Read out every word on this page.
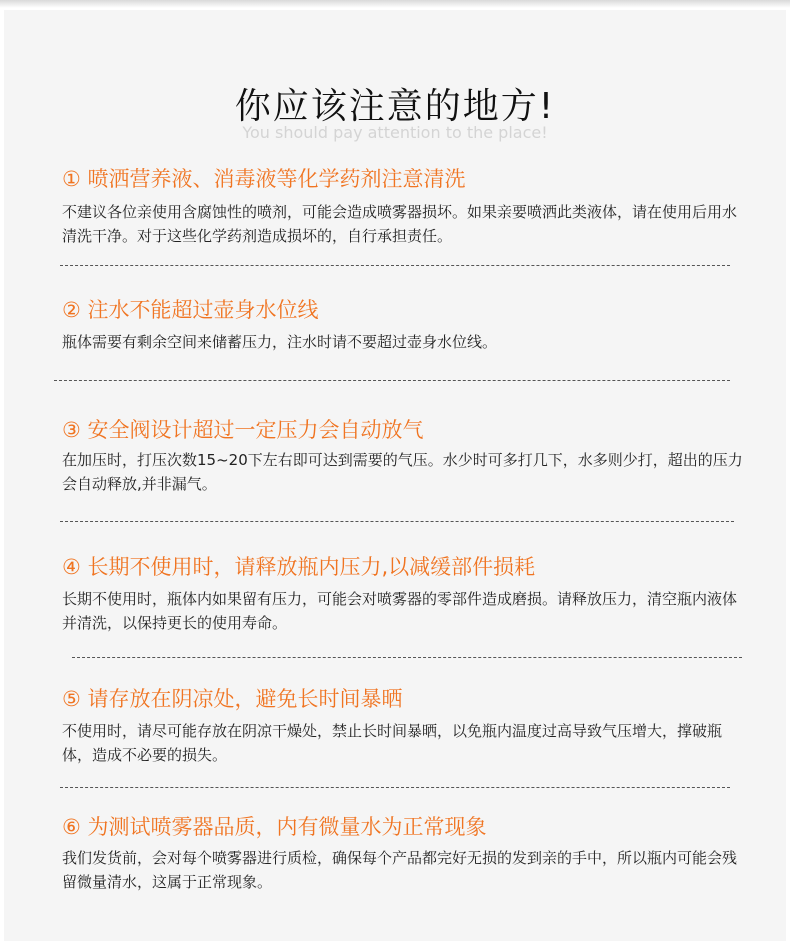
你应该注意的地方!
You should pay attention to the place!
① 喷洒营养液、消毒液等化学药剂注意清洗
不建议各位亲使用含腐蚀性的喷剂，可能会造成喷雾器损坏。如果亲要喷洒此类液体，请在使用后用水清洗干净。对于这些化学药剂造成损坏的，自行承担责任。
② 注水不能超过壶身水位线
瓶体需要有剩余空间来储蓄压力，注水时请不要超过壶身水位线。
③ 安全阀设计超过一定压力会自动放气
在加压时，打压次数15~20下左右即可达到需要的气压。水少时可多打几下，水多则少打，超出的压力会自动释放,并非漏气。
④ 长期不使用时，请释放瓶内压力,以减缓部件损耗
长期不使用时，瓶体内如果留有压力，可能会对喷雾器的零部件造成磨损。请释放压力，清空瓶内液体并清洗，以保持更长的使用寿命。
⑤ 请存放在阴凉处，避免长时间暴晒
不使用时，请尽可能存放在阴凉干燥处，禁止长时间暴晒，以免瓶内温度过高导致气压增大，撑破瓶体，造成不必要的损失。
⑥ 为测试喷雾器品质，内有微量水为正常现象
我们发货前，会对每个喷雾器进行质检，确保每个产品都完好无损的发到亲的手中，所以瓶内可能会残留微量清水，这属于正常现象。
